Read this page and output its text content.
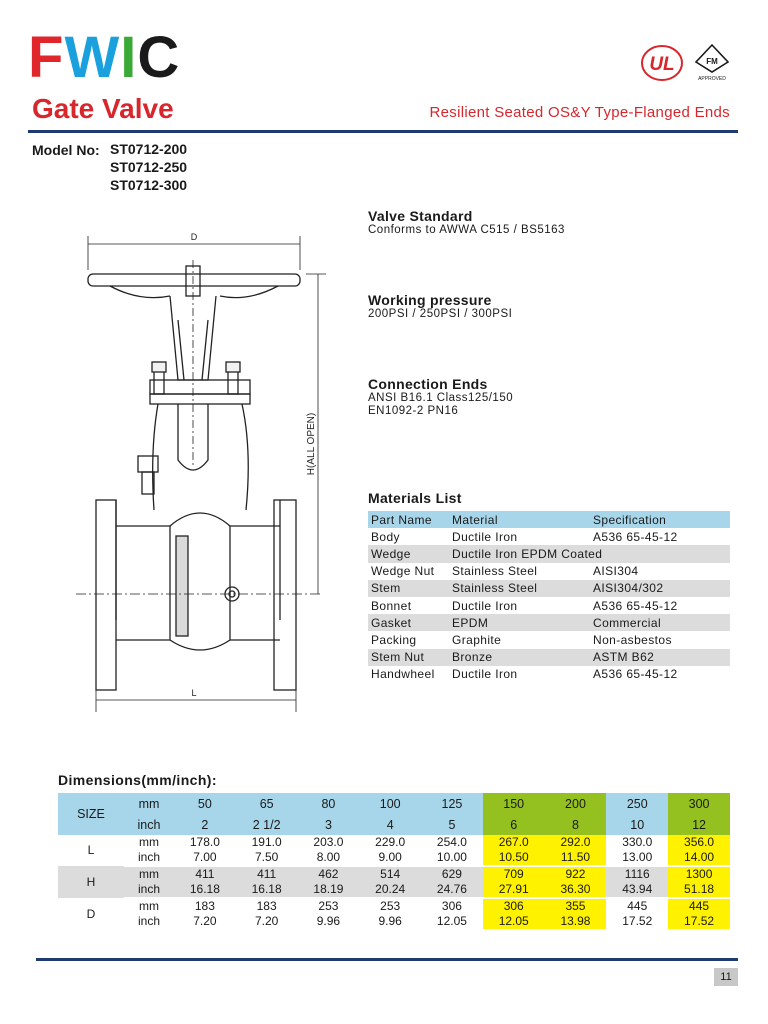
FWIC	UL	FM
APPROVED
Gate Valve	Resilient Seated OS&Y Type-Flanged Ends
Model No: ST0712-200
ST0712-250
ST0712-300
D
L
H(ALL OPEN)
Valve Standard
Conforms to AWWA C515 / BS5163
Working pressure
200PSI / 250PSI / 300PSI
Connection Ends
ANSI B16.1 Class125/150
EN1092-2 PN16
Materials List
Part Name	Material	Specification
Body	Ductile Iron	A536 65-45-12
Wedge	Ductile Iron EPDM Coated	
Wedge Nut	Stainless Steel	AISI304
Stem	Stainless Steel	AISI304/302
Bonnet	Ductile Iron	A536 65-45-12
Gasket	EPDM	Commercial
Packing	Graphite	Non-asbestos
Stem Nut	Bronze	ASTM B62
Handwheel	Ductile Iron	A536 65-45-12
Dimensions(mm/inch):
SIZE	mm	50	65	80	100	125	150	200	250	300
	inch	2	2 1/2	3	4	5	6	8	10	12
L	mm	178.0	191.0	203.0	229.0	254.0	267.0	292.0	330.0	356.0
	inch	7.00	7.50	8.00	9.00	10.00	10.50	11.50	13.00	14.00
H	mm	411	411	462	514	629	709	922	1116	1300
	inch	16.18	16.18	18.19	20.24	24.76	27.91	36.30	43.94	51.18
D	mm	183	183	253	253	306	306	355	445	445
	inch	7.20	7.20	9.96	9.96	12.05	12.05	13.98	17.52	17.52
11
